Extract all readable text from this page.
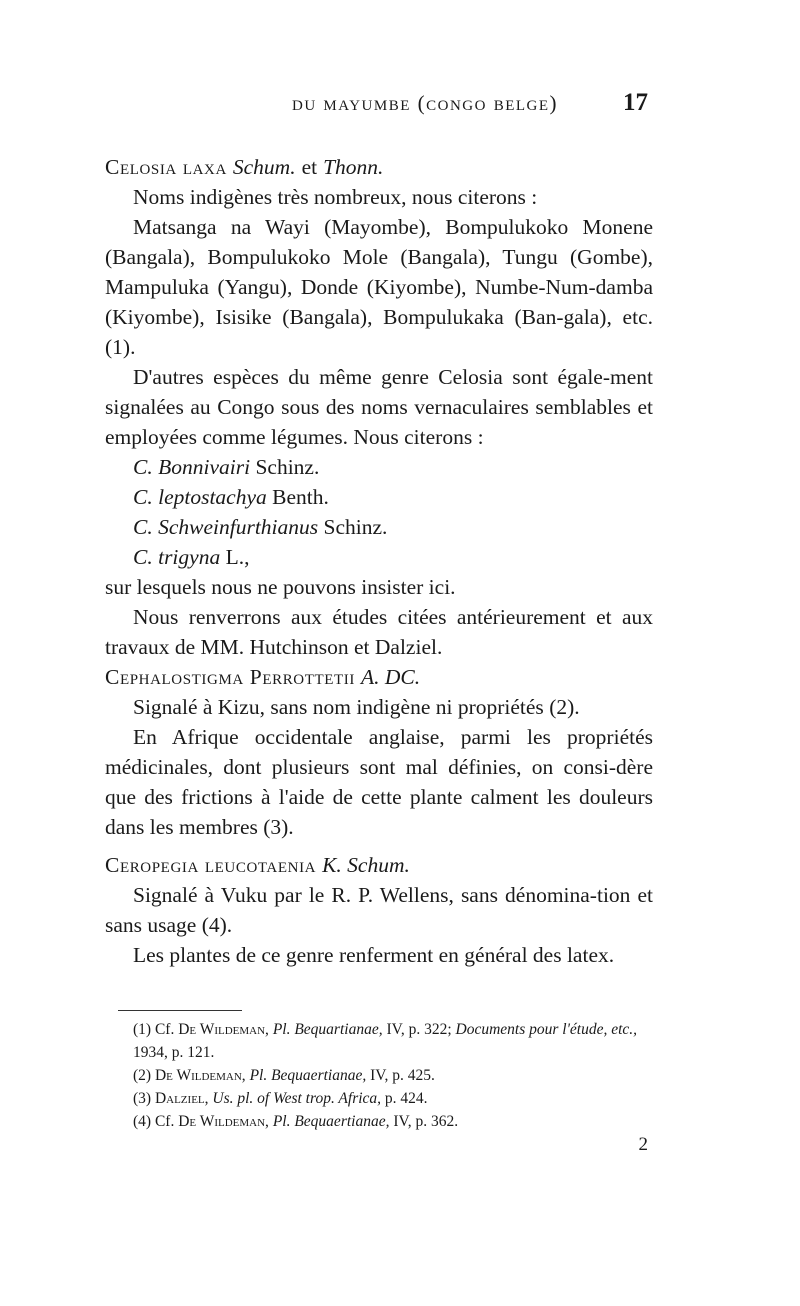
du mayumbe (congo belge)	17

Celosia laxa Schum. et Thonn.

Noms indigènes très nombreux, nous citerons :

Matsanga na Wayi (Mayombe), Bompulukoko Monene (Bangala), Bompulukoko Mole (Bangala), Tungu (Gombe), Mampuluka (Yangu), Donde (Kiyombe), Numbe-Num-damba (Kiyombe), Isisike (Bangala), Bompulukaka (Ban-gala), etc. (1).

D'autres espèces du même genre Celosia sont égale-ment signalées au Congo sous des noms vernaculaires semblables et employées comme légumes. Nous citerons :

C. Bonnivairi Schinz.

C. leptostachya Benth.

C. Schweinfurthianus Schinz.

C. trigyna L.,

sur lesquels nous ne pouvons insister ici.

Nous renverrons aux études citées antérieurement et aux travaux de MM. Hutchinson et Dalziel.

Cephalostigma Perrottetii A. DC.

Signalé à Kizu, sans nom indigène ni propriétés (2).

En Afrique occidentale anglaise, parmi les propriétés médicinales, dont plusieurs sont mal définies, on consi-dère que des frictions à l'aide de cette plante calment les douleurs dans les membres (3).

Ceropegia leucotaenia K. Schum.

Signalé à Vuku par le R. P. Wellens, sans dénomina-tion et sans usage (4).

Les plantes de ce genre renferment en général des latex.

(1) Cf. De Wildeman, Pl. Bequartianae, IV, p. 322; Documents pour l'étude, etc., 1934, p. 121.

(2) De Wildeman, Pl. Bequaertianae, IV, p. 425.

(3) Dalziel, Us. pl. of West trop. Africa, p. 424.

(4) Cf. De Wildeman, Pl. Bequaertianae, IV, p. 362.

2
